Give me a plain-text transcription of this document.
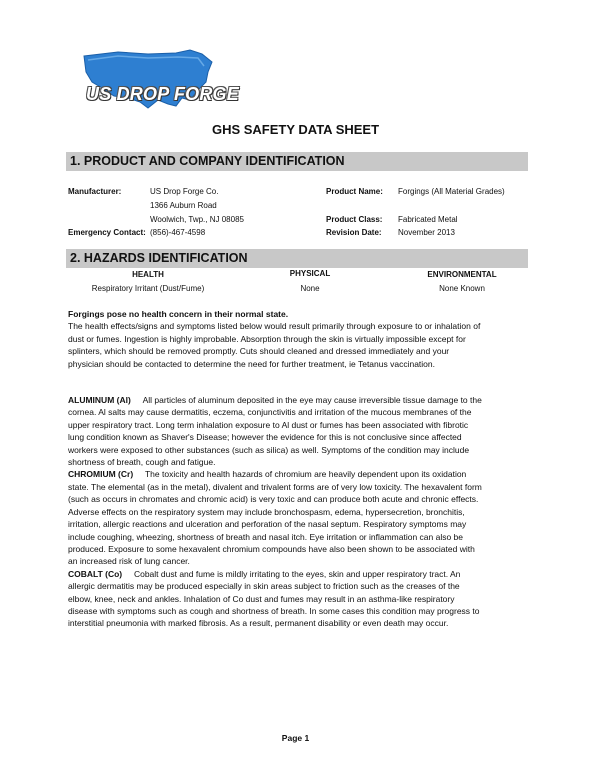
US DROP FORGE
GHS SAFETY DATA SHEET
1. PRODUCT AND COMPANY IDENTIFICATION
Manufacturer:	US Drop Forge Co.
1366 Auburn Road
Woolwich, Twp., NJ 08085
Emergency Contact: (856)-467-4598
Product Name: Forgings (All Material Grades)
Product Class: Fabricated Metal
Revision Date: November 2013
2. HAZARDS IDENTIFICATION
HEALTH	PHYSICAL	ENVIRONMENTAL
Respiratory Irritant (Dust/Fume)	None	None Known

Forgings pose no health concern in their normal state.

The health effects/signs and symptoms listed below would result primarily through exposure to or inhalation of dust or fumes. Ingestion is highly improbable. Absorption through the skin is virtually impossible except for splinters, which should be removed promptly. Cuts should cleaned and dressed immediately and your physician should be contacted to determine the need for further treatment, ie Tetanus vaccination.

ALUMINUM (Al) All particles of aluminum deposited in the eye may cause irreversible tissue damage to the cornea. Al salts may cause dermatitis, eczema, conjunctivitis and irritation of the mucous membranes of the upper respiratory tract. Long term inhalation exposure to Al dust or fumes has been associated with fibrotic lung condition known as Shaver's Disease; however the evidence for this is not conclusive since affected workers were exposed to other substances (such as silica) as well. Symptoms of the condition may include shortness of breath, cough and fatigue.

CHROMIUM (Cr) The toxicity and health hazards of chromium are heavily dependent upon its oxidation state. The elemental (as in the metal), divalent and trivalent forms are of very low toxicity. The hexavalent form (such as occurs in chromates and chromic acid) is very toxic and can produce both acute and chronic effects. Adverse effects on the respiratory system may include bronchospasm, edema, hypersecretion, bronchitis, irritation, allergic reactions and ulceration and perforation of the nasal septum. Respiratory symptoms may include coughing, wheezing, shortness of breath and nasal itch. Eye irritation or inflammation can also be produced. Exposure to some hexavalent chromium compounds have also been shown to be associated with an increased risk of lung cancer.

COBALT (Co) Cobalt dust and fume is mildly irritating to the eyes, skin and upper respiratory tract. An allergic dermatitis may be produced especially in skin areas subject to friction such as the creases of the elbow, knee, neck and ankles. Inhalation of Co dust and fumes may result in an asthma-like respiratory disease with symptoms such as cough and shortness of breath. In some cases this condition may progress to interstitial pneumonia with marked fibrosis. As a result, permanent disability or even death may occur.

Page 1
